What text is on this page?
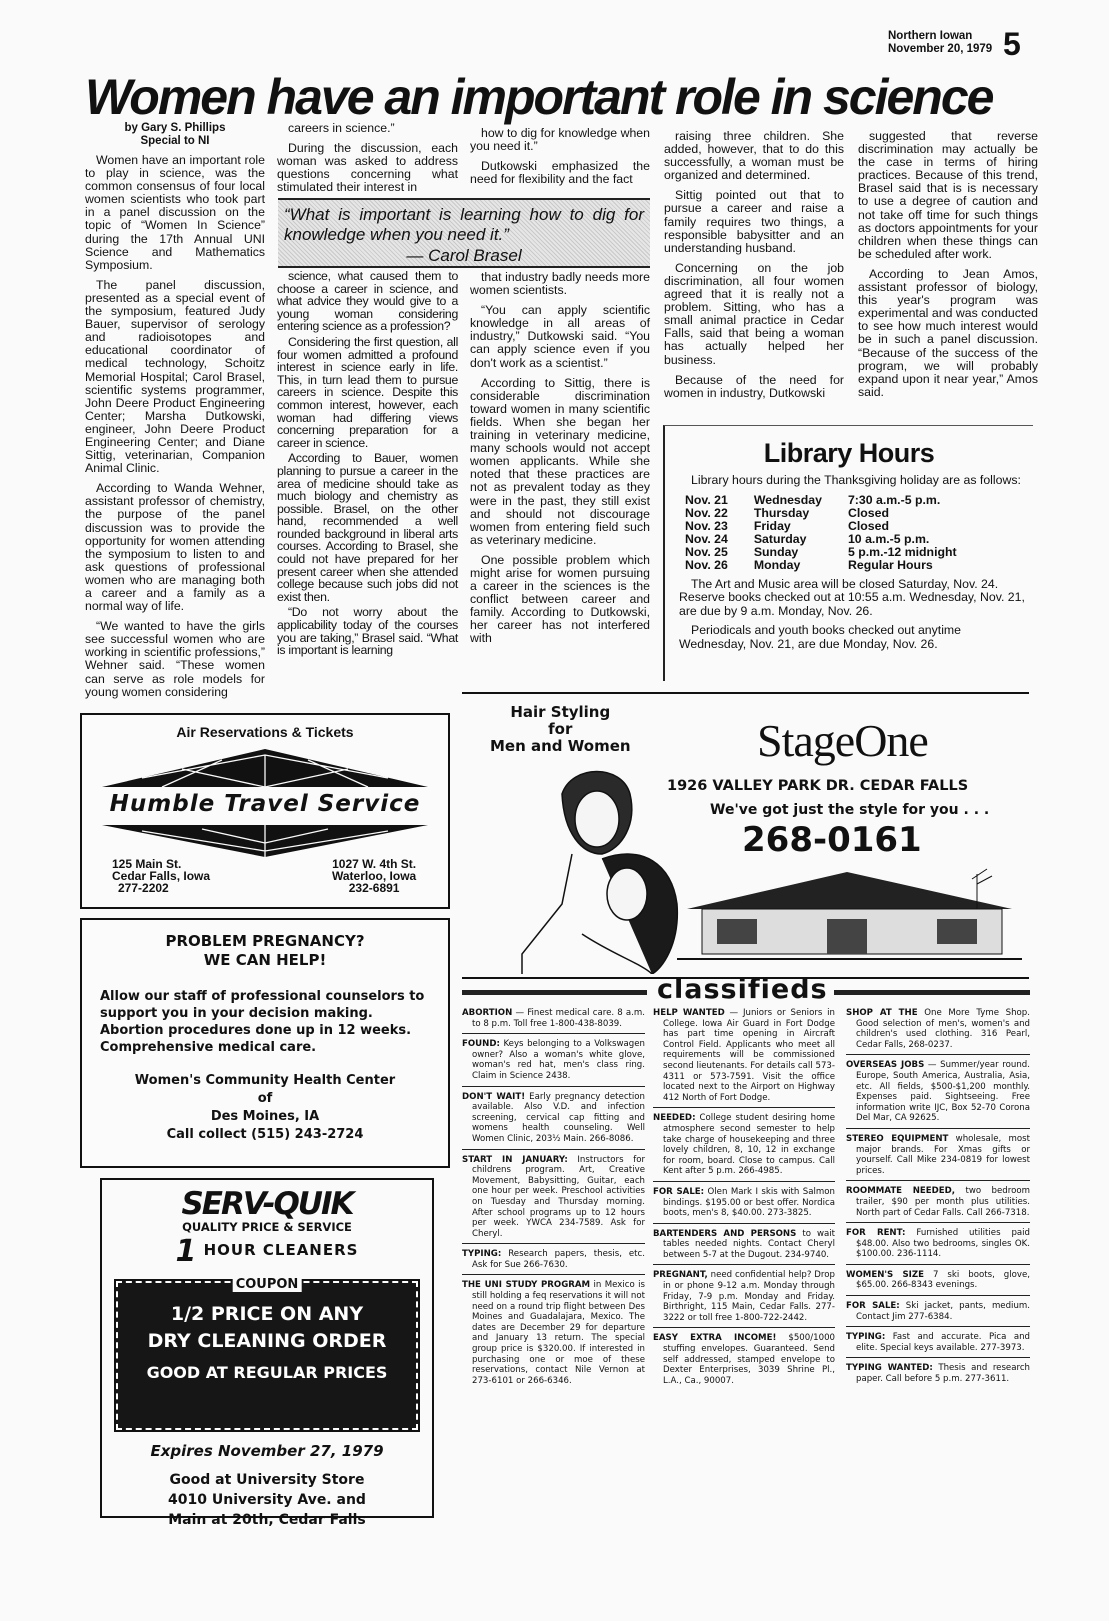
Northern Iowan
November 20, 1979 5
Women have an important role in science
by Gary S. Phillips
Special to NI

Women have an important role to play in science, was the common consensus of four local women scientists who took part in a panel discussion on the topic of “Women In Science” during the 17th Annual UNI Science and Mathematics Symposium.

The panel discussion, presented as a special event of the symposium, featured Judy Bauer, supervisor of serology and radioisotopes and educational coordinator of medical technology, Schoitz Memorial Hospital; Carol Brasel, scientific systems programmer, John Deere Product Engineering Center; Marsha Dutkowski, engineer, John Deere Product Engineering Center; and Diane Sittig, veterinarian, Companion Animal Clinic.

According to Wanda Wehner, assistant professor of chemistry, the purpose of the panel discussion was to provide the opportunity for women attending the symposium to listen to and ask questions of professional women who are managing both a career and a family as a normal way of life.

“We wanted to have the girls see successful women who are working in scientific professions,” Wehner said. “These women can serve as role models for young women considering

careers in science.”

During the discussion, each woman was asked to address questions concerning what stimulated their interest in

science, what caused them to choose a career in science, and what advice they would give to a young woman considering entering science as a profession?

Considering the first question, all four women admitted a profound interest in science early in life. This, in turn lead them to pursue careers in science. Despite this common interest, however, each woman had differing views concerning preparation for a career in science.

According to Bauer, women planning to pursue a career in the area of medicine should take as much biology and chemistry as possible. Brasel, on the other hand, recommended a well rounded background in liberal arts courses. According to Brasel, she could not have prepared for her present career when she attended college because such jobs did not exist then.

“Do not worry about the applicability today of the courses you are taking,” Brasel said. “What is important is learning

how to dig for knowledge when you need it.”

Dutkowski emphasized the need for flexibility and the fact

that industry badly needs more women scientists.

“You can apply scientific knowledge in all areas of industry,” Dutkowski said. “You can apply science even if you don't work as a scientist.”

According to Sittig, there is considerable discrimination toward women in many scientific fields. When she began her training in veterinary medicine, many schools would not accept women applicants. While she noted that these practices are not as prevalent today as they were in the past, they still exist and should not discourage women from entering field such as veterinary medicine.

One possible problem which might arise for women pursuing a career in the sciences is the conflict between career and family. According to Dutkowski, her career has not interfered with

raising three children. She added, however, that to do this successfully, a woman must be organized and determined.

Sittig pointed out that to pursue a career and raise a family requires two things, a responsible babysitter and an understanding husband.

Concerning on the job discrimination, all four women agreed that it is really not a problem. Sitting, who has a small animal practice in Cedar Falls, said that being a woman has actually helped her business.

Because of the need for women in industry, Dutkowski

suggested that reverse discrimination may actually be the case in terms of hiring practices. Because of this trend, Brasel said that is is necessary to use a degree of caution and not take off time for such things as doctors appointments for your children when these things can be scheduled after work.

According to Jean Amos, assistant professor of biology, this year's program was experimental and was conducted to see how much interest would be in such a panel discussion. “Because of the success of the program, we will probably expand upon it near year,” Amos said.

“What is important is learning how to dig for knowledge when you need it.”
— Carol Brasel
Library Hours

Library hours during the Thanksgiving holiday are as follows:

Nov. 21	Wednesday	7:30 a.m.-5 p.m.
Nov. 22	Thursday	Closed
Nov. 23	Friday	Closed
Nov. 24	Saturday	10 a.m.-5 p.m.
Nov. 25	Sunday	5 p.m.-12 midnight
Nov. 26	Monday	Regular Hours

The Art and Music area will be closed Saturday, Nov. 24. Reserve books checked out at 10:55 a.m. Wednesday, Nov. 21, are due by 9 a.m. Monday, Nov. 26.

Periodicals and youth books checked out anytime Wednesday, Nov. 21, are due Monday, Nov. 26.

Air Reservations & Tickets
Humble Travel Service
125 Main St.
Cedar Falls, Iowa
277-2202
1027 W. 4th St.
Waterloo, Iowa
232-6891
PROBLEM PREGNANCY?
WE CAN HELP!
Allow our staff of professional counselors to support you in your decision making. Abortion procedures done up in 12 weeks. Comprehensive medical care.
Women's Community Health Center
of
Des Moines, IA
Call collect (515) 243-2724
SERV-QUIK
QUALITY PRICE & SERVICE
1 HOUR CLEANERS
COUPON
1/2 PRICE ON ANY
DRY CLEANING ORDER
GOOD AT REGULAR PRICES
Expires November 27, 1979
Good at University Store
4010 University Ave. and
Main at 20th, Cedar Falls
Hair Styling
for
Men and Women	StageOne
1926 VALLEY PARK DR. CEDAR FALLS
We've got just the style for you . . .
268-0161
classifieds
ABORTION — Finest medical care. 8 a.m. to 8 p.m. Toll free 1-800-438-8039.
FOUND: Keys belonging to a Volkswagen owner? Also a woman's white glove, woman's red hat, men's class ring. Claim in Science 2438.
DON'T WAIT! Early pregnancy detection available. Also V.D. and infection screening, cervical cap fitting and womens health counseling. Well Women Clinic, 203½ Main. 266-8086.
START IN JANUARY: Instructors for childrens program. Art, Creative Movement, Babysitting, Guitar, each one hour per week. Preschool activities on Tuesday and Thursday morning. After school programs up to 12 hours per week. YWCA 234-7589. Ask for Cheryl.
TYPING: Research papers, thesis, etc. Ask for Sue 266-7630.
THE UNI STUDY PROGRAM in Mexico is still holding a feq reservations it will not need on a round trip flight between Des Moines and Guadalajara, Mexico. The dates are December 29 for departure and January 13 return. The special group price is $320.00. If interested in purchasing one or moe of these reservations, contact Nile Vernon at 273-6101 or 266-6346.
HELP WANTED — Juniors or Seniors in College. Iowa Air Guard in Fort Dodge has part time opening in Aircraft Control Field. Applicants who meet all requirements will be commissioned second lieutenants. For details call 573-4311 or 573-7591. Visit the office located next to the Airport on Highway 412 North of Fort Dodge.
NEEDED: College student desiring home atmosphere second semester to help take charge of housekeeping and three lovely children, 8, 10, 12 in exchange for room, board. Close to campus. Call Kent after 5 p.m. 266-4985.
FOR SALE: Olen Mark I skis with Salmon bindings. $195.00 or best offer. Nordica boots, men's 8, $40.00. 273-3825.
BARTENDERS AND PERSONS to wait tables needed nights. Contact Cheryl between 5-7 at the Dugout. 234-9740.
PREGNANT, need confidential help? Drop in or phone 9-12 a.m. Monday through Friday, 7-9 p.m. Monday and Friday. Birthright, 115 Main, Cedar Falls. 277-3222 or toll free 1-800-722-2442.
EASY EXTRA INCOME! $500/1000 stuffing envelopes. Guaranteed. Send self addressed, stamped envelope to Dexter Enterprises, 3039 Shrine Pl., L.A., Ca., 90007.
SHOP AT THE One More Tyme Shop. Good selection of men's, women's and children's used clothing. 316 Pearl, Cedar Falls, 268-0237.
OVERSEAS JOBS — Summer/year round. Europe, South America, Australia, Asia, etc. All fields, $500-$1,200 monthly. Expenses paid. Sightseeing. Free information write IJC, Box 52-70 Corona Del Mar, CA 92625.
STEREO EQUIPMENT wholesale, most major brands. For Xmas gifts or yourself. Call Mike 234-0819 for lowest prices.
ROOMMATE NEEDED, two bedroom trailer, $90 per month plus utilities. North part of Cedar Falls. Call 266-7318.
FOR RENT: Furnished utilities paid $48.00. Also two bedrooms, singles OK. $100.00. 236-1114.
WOMEN'S SIZE 7 ski boots, glove, $65.00. 266-8343 evenings.
FOR SALE: Ski jacket, pants, medium. Contact Jim 277-6384.
TYPING: Fast and accurate. Pica and elite. Special keys available. 277-3973.
TYPING WANTED: Thesis and research paper. Call before 5 p.m. 277-3611.
